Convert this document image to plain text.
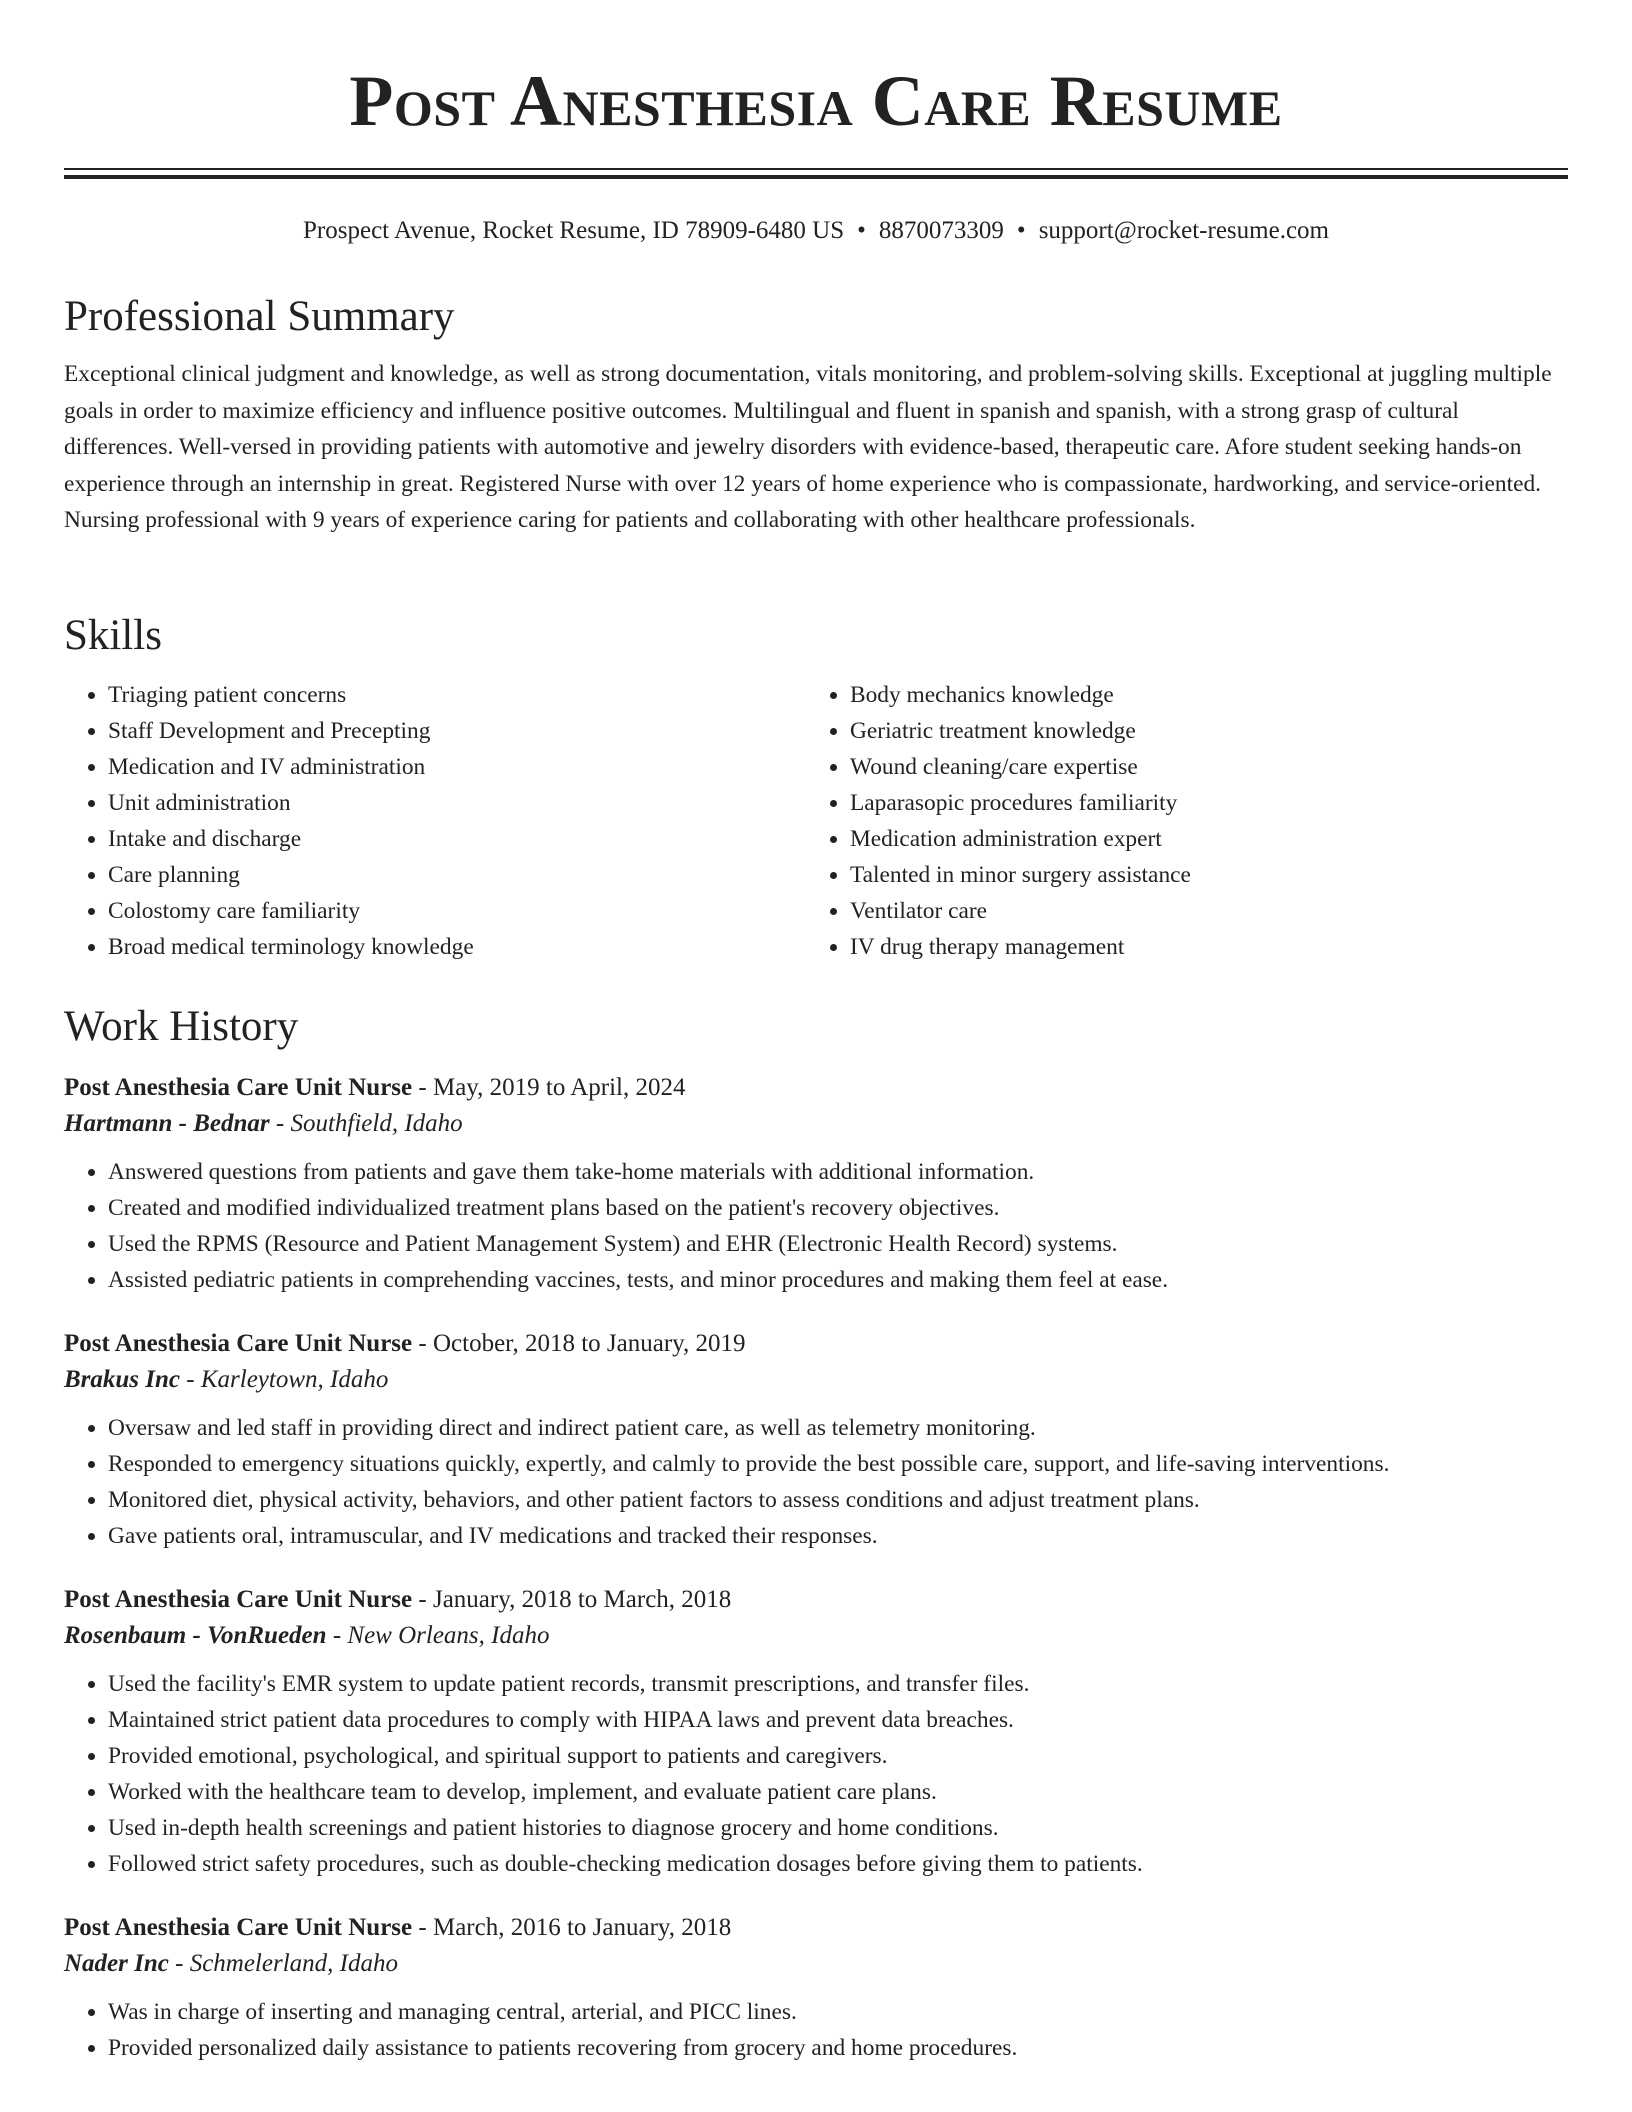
Post Anesthesia Care Resume
Prospect Avenue, Rocket Resume, ID 78909-6480 US • 8870073309 • support@rocket-resume.com
Professional Summary

Exceptional clinical judgment and knowledge, as well as strong documentation, vitals monitoring, and problem-solving skills. Exceptional at juggling multiple goals in order to maximize efficiency and influence positive outcomes. Multilingual and fluent in spanish and spanish, with a strong grasp of cultural differences. Well-versed in providing patients with automotive and jewelry disorders with evidence-based, therapeutic care. Afore student seeking hands-on experience through an internship in great. Registered Nurse with over 12 years of home experience who is compassionate, hardworking, and service-oriented. Nursing professional with 9 years of experience caring for patients and collaborating with other healthcare professionals.

Skills
• Triaging patient concerns
• Staff Development and Precepting
• Medication and IV administration
• Unit administration
• Intake and discharge
• Care planning
• Colostomy care familiarity
• Broad medical terminology knowledge
• Body mechanics knowledge
• Geriatric treatment knowledge
• Wound cleaning/care expertise
• Laparasopic procedures familiarity
• Medication administration expert
• Talented in minor surgery assistance
• Ventilator care
• IV drug therapy management
Work History
Post Anesthesia Care Unit Nurse - May, 2019 to April, 2024
Hartmann - Bednar - Southfield, Idaho
• Answered questions from patients and gave them take-home materials with additional information.
• Created and modified individualized treatment plans based on the patient's recovery objectives.
• Used the RPMS (Resource and Patient Management System) and EHR (Electronic Health Record) systems.
• Assisted pediatric patients in comprehending vaccines, tests, and minor procedures and making them feel at ease.
Post Anesthesia Care Unit Nurse - October, 2018 to January, 2019
Brakus Inc - Karleytown, Idaho
• Oversaw and led staff in providing direct and indirect patient care, as well as telemetry monitoring.
• Responded to emergency situations quickly, expertly, and calmly to provide the best possible care, support, and life-saving interventions.
• Monitored diet, physical activity, behaviors, and other patient factors to assess conditions and adjust treatment plans.
• Gave patients oral, intramuscular, and IV medications and tracked their responses.
Post Anesthesia Care Unit Nurse - January, 2018 to March, 2018
Rosenbaum - VonRueden - New Orleans, Idaho
• Used the facility's EMR system to update patient records, transmit prescriptions, and transfer files.
• Maintained strict patient data procedures to comply with HIPAA laws and prevent data breaches.
• Provided emotional, psychological, and spiritual support to patients and caregivers.
• Worked with the healthcare team to develop, implement, and evaluate patient care plans.
• Used in-depth health screenings and patient histories to diagnose grocery and home conditions.
• Followed strict safety procedures, such as double-checking medication dosages before giving them to patients.
Post Anesthesia Care Unit Nurse - March, 2016 to January, 2018
Nader Inc - Schmelerland, Idaho
• Was in charge of inserting and managing central, arterial, and PICC lines.
• Provided personalized daily assistance to patients recovering from grocery and home procedures.
